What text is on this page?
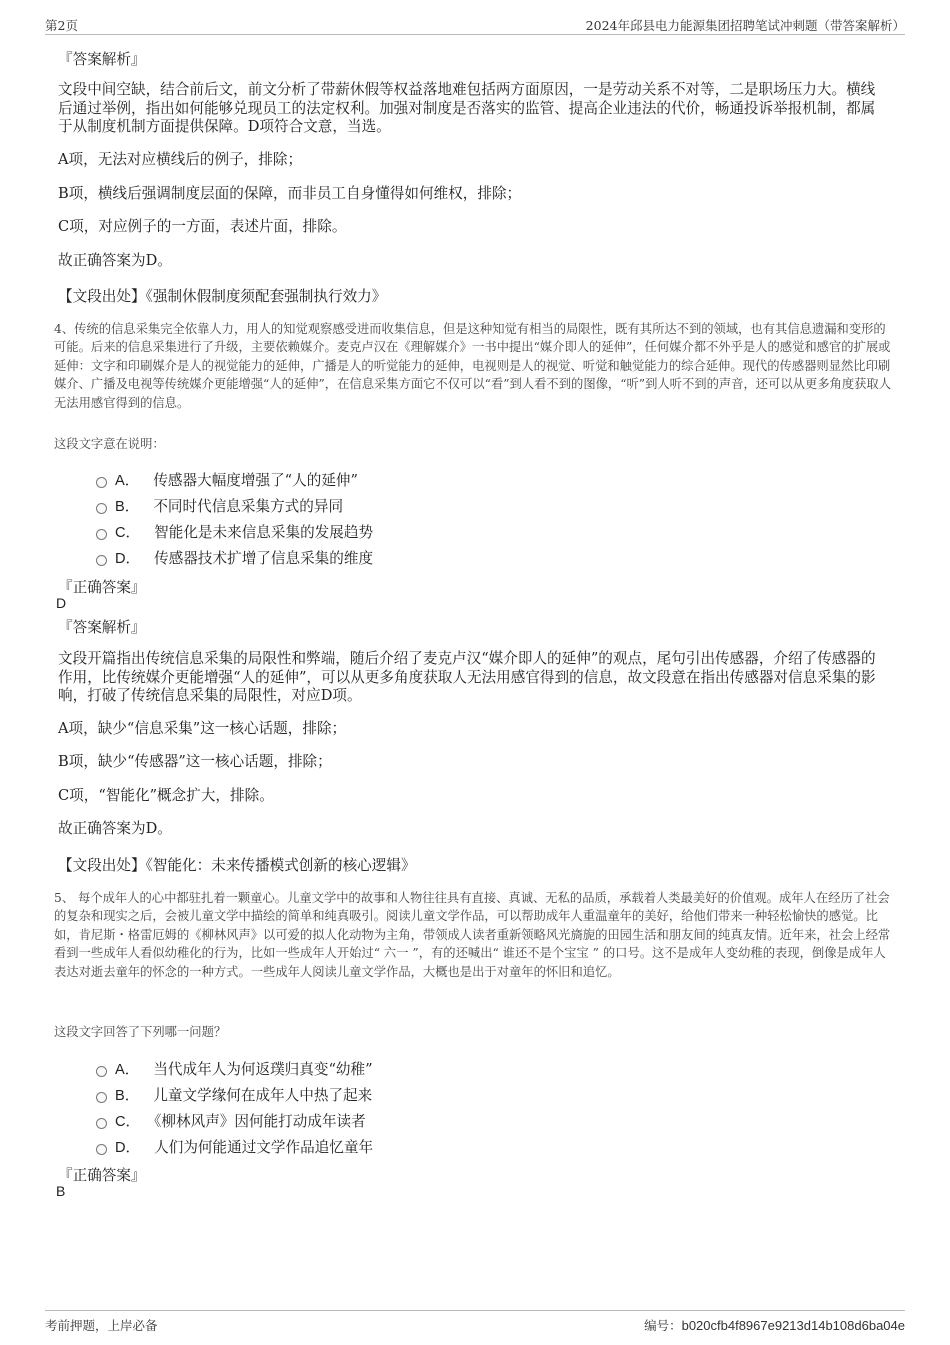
第2页	2024年邱县电力能源集团招聘笔试冲刺题（带答案解析）
『答案解析』
文段中间空缺，结合前后文，前文分析了带薪休假等权益落地难包括两方面原因，一是劳动关系不对等，二是职场压力大。横线后通过举例，指出如何能够兑现员工的法定权利。加强对制度是否落实的监管、提高企业违法的代价，畅通投诉举报机制，都属于从制度机制方面提供保障。D项符合文意，当选。
A项，无法对应横线后的例子，排除；
B项，横线后强调制度层面的保障，而非员工自身懂得如何维权，排除；
C项，对应例子的一方面，表述片面，排除。
故正确答案为D。
【文段出处】《强制休假制度须配套强制执行效力》
4、传统的信息采集完全依靠人力，用人的知觉观察感受进而收集信息，但是这种知觉有相当的局限性，既有其所达不到的领域，也有其信息遗漏和变形的可能。后来的信息采集进行了升级，主要依赖媒介。麦克卢汉在《理解媒介》一书中提出“媒介即人的延伸”，任何媒介都不外乎是人的感觉和感官的扩展或延伸：文字和印刷媒介是人的视觉能力的延伸，广播是人的听觉能力的延伸，电视则是人的视觉、听觉和触觉能力的综合延伸。现代的传感器则显然比印刷媒介、广播及电视等传统媒介更能增强“人的延伸”，在信息采集方面它不仅可以“看”到人看不到的图像，“听”到人听不到的声音，还可以从更多角度获取人无法用感官得到的信息。
这段文字意在说明：
A． 传感器大幅度增强了“人的延伸”
B． 不同时代信息采集方式的异同
C． 智能化是未来信息采集的发展趋势
D． 传感器技术扩增了信息采集的维度
『正确答案』
D
『答案解析』
文段开篇指出传统信息采集的局限性和弊端，随后介绍了麦克卢汉“媒介即人的延伸”的观点，尾句引出传感器，介绍了传感器的作用，比传统媒介更能增强“人的延伸”，可以从更多角度获取人无法用感官得到的信息，故文段意在指出传感器对信息采集的影响，打破了传统信息采集的局限性，对应D项。
A项，缺少“信息采集”这一核心话题，排除；
B项，缺少“传感器”这一核心话题，排除；
C项，“智能化”概念扩大，排除。
故正确答案为D。
【文段出处】《智能化：未来传播模式创新的核心逻辑》
5、 每个成年人的心中都驻扎着一颗童心。儿童文学中的故事和人物往往具有直接、真诚、无私的品质，承载着人类最美好的价值观。成年人在经历了社会的复杂和现实之后，会被儿童文学中描绘的简单和纯真吸引。阅读儿童文学作品，可以帮助成年人重温童年的美好，给他们带来一种轻松愉快的感觉。比如，肯尼斯・格雷厄姆的《柳林风声》以可爱的拟人化动物为主角，带领成人读者重新领略风光旖旎的田园生活和朋友间的纯真友情。近年来，社会上经常看到一些成年人看似幼稚化的行为，比如一些成年人开始过“ 六一 ”，有的还喊出“ 谁还不是个宝宝 ” 的口号。这不是成年人变幼稚的表现，倒像是成年人表达对逝去童年的怀念的一种方式。一些成年人阅读儿童文学作品，大概也是出于对童年的怀旧和追忆。
这段文字回答了下列哪一问题？
A． 当代成年人为何返璞归真变“幼稚”
B． 儿童文学缘何在成年人中热了起来
C． 《柳林风声》因何能打动成年读者
D． 人们为何能通过文学作品追忆童年
『正确答案』
B
考前押题，上岸必备	编号：b020cfb4f8967e9213d14b108d6ba04e
